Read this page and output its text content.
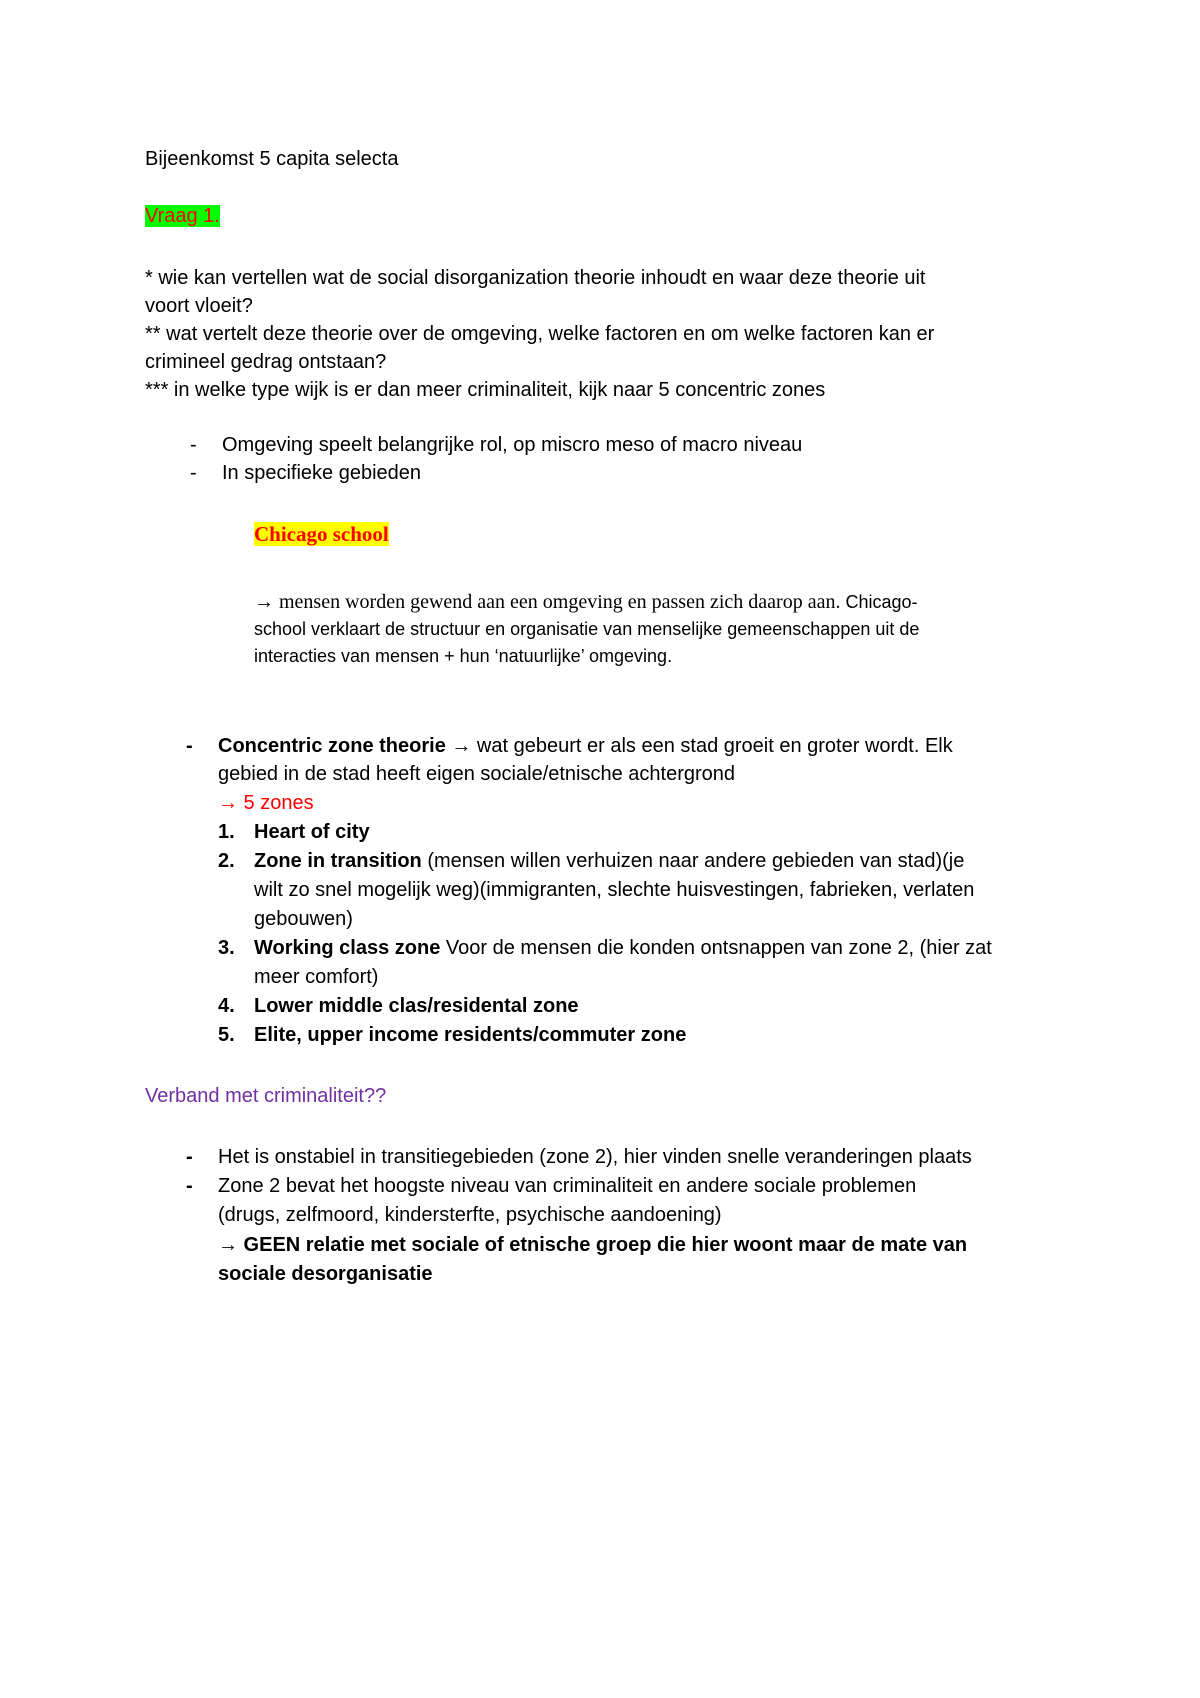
Bijeenkomst 5 capita selecta
Vraag 1.
* wie kan vertellen wat de social disorganization theorie inhoudt en waar deze theorie uit
voort vloeit?
** wat vertelt deze theorie over de omgeving, welke factoren en om welke factoren kan er
crimineel gedrag ontstaan?
*** in welke type wijk is er dan meer criminaliteit, kijk naar 5 concentric zones
- Omgeving speelt belangrijke rol, op miscro meso of macro niveau
- In specifieke gebieden
Chicago school
→ mensen worden gewend aan een omgeving en passen zich daarop aan. Chicago-
school verklaart de structuur en organisatie van menselijke gemeenschappen uit de
interacties van mensen + hun ‘natuurlijke’ omgeving.
- Concentric zone theorie → wat gebeurt er als een stad groeit en groter wordt. Elk
gebied in de stad heeft eigen sociale/etnische achtergrond
→ 5 zones
1. Heart of city
2. Zone in transition (mensen willen verhuizen naar andere gebieden van stad)(je
wilt zo snel mogelijk weg)(immigranten, slechte huisvestingen, fabrieken, verlaten
gebouwen)
3. Working class zone Voor de mensen die konden ontsnappen van zone 2, (hier zat
meer comfort)
4. Lower middle clas/residental zone
5. Elite, upper income residents/commuter zone
Verband met criminaliteit??
- Het is onstabiel in transitiegebieden (zone 2), hier vinden snelle veranderingen plaats
- Zone 2 bevat het hoogste niveau van criminaliteit en andere sociale problemen
(drugs, zelfmoord, kindersterfte, psychische aandoening)
→ GEEN relatie met sociale of etnische groep die hier woont maar de mate van
sociale desorganisatie
